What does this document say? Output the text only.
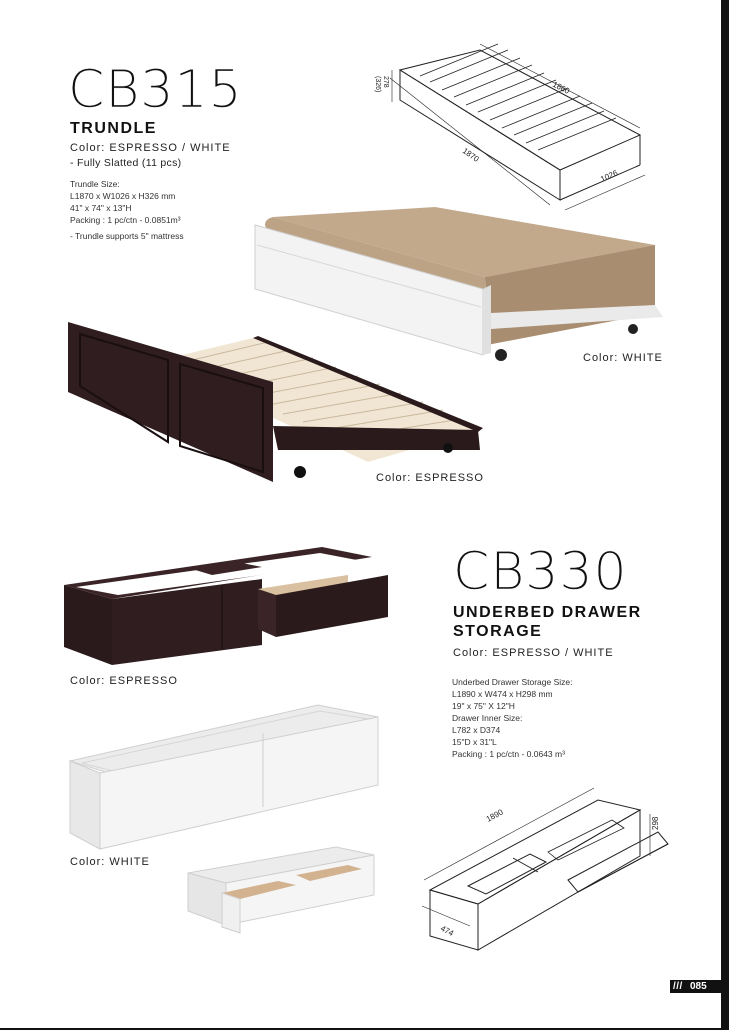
CB315
TRUNDLE
Color: ESPRESSO / WHITE
- Fully Slatted (11 pcs)
Trundle Size:
L1870 x W1026 x H326 mm
41" x 74" x 13"H
Packing : 1 pc/ctn - 0.0851m³
- Trundle supports 5" mattress
1860
1870
1026
278
(326)
Color: WHITE
Color: ESPRESSO
CB330
UNDERBED DRAWER
STORAGE
Color: ESPRESSO / WHITE
Underbed Drawer Storage Size:
L1890 x W474 x H298 mm
19" x 75" X 12"H
Drawer Inner Size:
L782 x D374
15"D x 31"L
Packing : 1 pc/ctn - 0.0643 m³
Color: ESPRESSO
Color: WHITE
1890
474
298
/// 085
